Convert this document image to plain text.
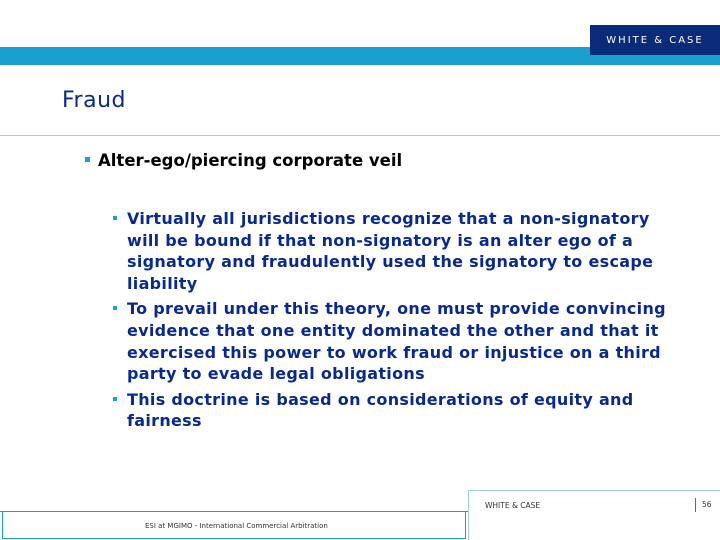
WHITE & CASE
Fraud
Alter-ego/piercing corporate veil
Virtually all jurisdictions recognize that a non-signatory will be bound if that non-signatory is an alter ego of a signatory and fraudulently used the signatory to escape liability
To prevail under this theory, one must provide convincing evidence that one entity dominated the other and that it exercised this power to work fraud or injustice on a third party to evade legal obligations
This doctrine is based on considerations of equity and fairness
ESI at MGIMO - International Commercial Arbitration
WHITE & CASE	56
